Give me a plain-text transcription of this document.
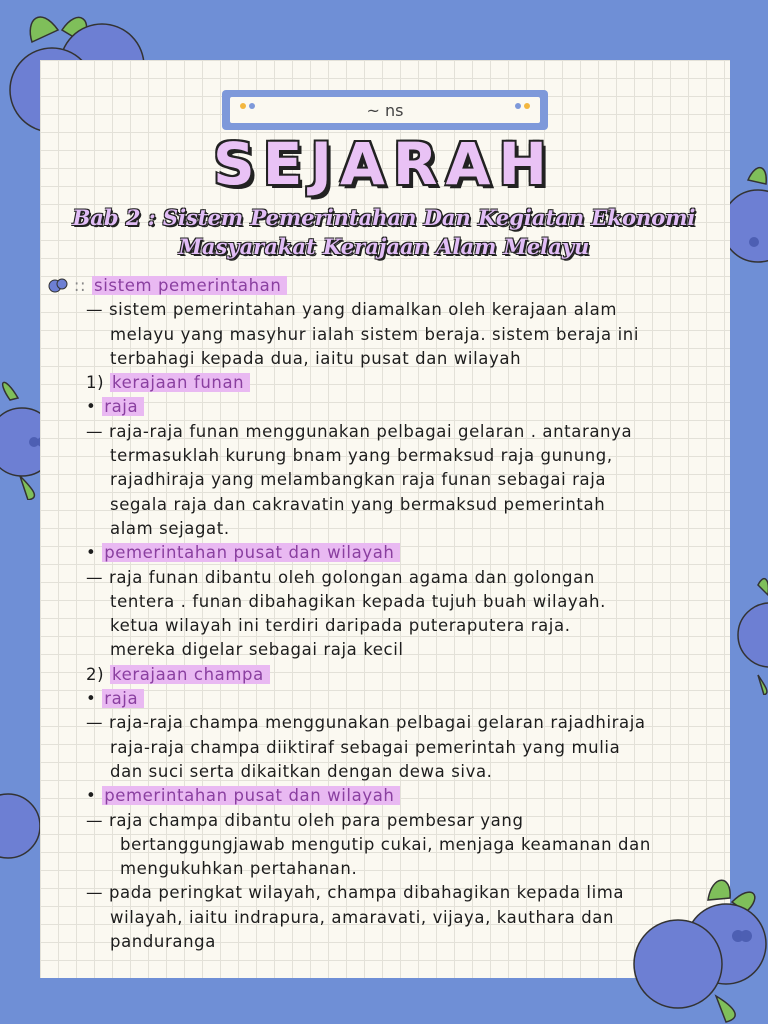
~ ns
SEJARAH
Bab 2 : Sistem Pemerintahan Dan Kegiatan Ekonomi
Masyarakat Kerajaan Alam Melayu
:: sistem pemerintahan
— sistem pemerintahan yang diamalkan oleh kerajaan alam
melayu yang masyhur ialah sistem beraja. sistem beraja ini
terbahagi kepada dua, iaitu pusat dan wilayah
1) kerajaan funan
• raja
— raja-raja funan menggunakan pelbagai gelaran . antaranya
termasuklah kurung bnam yang bermaksud raja gunung,
rajadhiraja yang melambangkan raja funan sebagai raja
segala raja dan cakravatin yang bermaksud pemerintah
alam sejagat.
• pemerintahan pusat dan wilayah
— raja funan dibantu oleh golongan agama dan golongan
tentera . funan dibahagikan kepada tujuh buah wilayah.
ketua wilayah ini terdiri daripada puteraputera raja.
mereka digelar sebagai raja kecil
2) kerajaan champa
• raja
— raja-raja champa menggunakan pelbagai gelaran rajadhiraja
raja-raja champa diiktiraf sebagai pemerintah yang mulia
dan suci serta dikaitkan dengan dewa siva.
• pemerintahan pusat dan wilayah
— raja champa dibantu oleh para pembesar yang
bertanggungjawab mengutip cukai, menjaga keamanan dan
mengukuhkan pertahanan.
— pada peringkat wilayah, champa dibahagikan kepada lima
wilayah, iaitu indrapura, amaravati, vijaya, kauthara dan
panduranga
